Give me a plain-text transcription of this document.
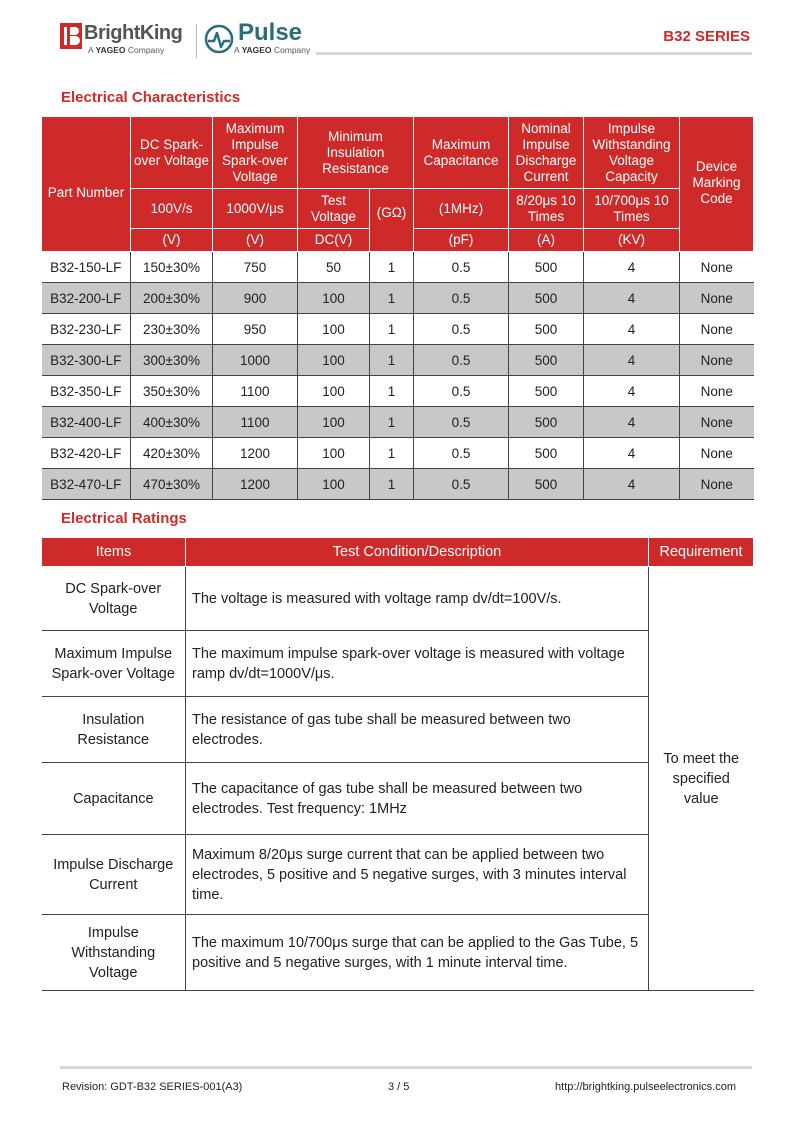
BrightKing
A YAGEO Company
Pulse
A YAGEO Company
B32 SERIES
Electrical Characteristics
Part Number	DC Spark-over Voltage	Maximum Impulse Spark-over Voltage	Minimum Insulation Resistance		Maximum Capacitance	Nominal Impulse Discharge Current	Impulse Withstanding Voltage Capacity	Device Marking Code
	100V/s	1000V/μs	Test Voltage	(GΩ)	(1MHz)	8/20μs 10 Times	10/700μs 10 Times	
	(V)	(V)	DC(V)		(pF)	(A)	(KV)	
B32-150-LF	150±30%	750	50	1	0.5	500	4	None
B32-200-LF	200±30%	900	100	1	0.5	500	4	None
B32-230-LF	230±30%	950	100	1	0.5	500	4	None
B32-300-LF	300±30%	1000	100	1	0.5	500	4	None
B32-350-LF	350±30%	1100	100	1	0.5	500	4	None
B32-400-LF	400±30%	1100	100	1	0.5	500	4	None
B32-420-LF	420±30%	1200	100	1	0.5	500	4	None
B32-470-LF	470±30%	1200	100	1	0.5	500	4	None
Electrical Ratings
Items	Test Condition/Description	Requirement
DC Spark-over Voltage	The voltage is measured with voltage ramp dv/dt=100V/s.	To meet the specified value
Maximum Impulse Spark-over Voltage	The maximum impulse spark-over voltage is measured with voltage ramp dv/dt=1000V/μs.	
Insulation Resistance	The resistance of gas tube shall be measured between two electrodes.	
Capacitance	The capacitance of gas tube shall be measured between two electrodes. Test frequency: 1MHz	
Impulse Discharge Current	Maximum 8/20μs surge current that can be applied between two electrodes, 5 positive and 5 negative surges, with 3 minutes interval time.	
Impulse Withstanding Voltage	The maximum 10/700μs surge that can be applied to the Gas Tube, 5 positive and 5 negative surges, with 1 minute interval time.	
Revision: GDT-B32 SERIES-001(A3)	3 / 5	http://brightking.pulseelectronics.com
